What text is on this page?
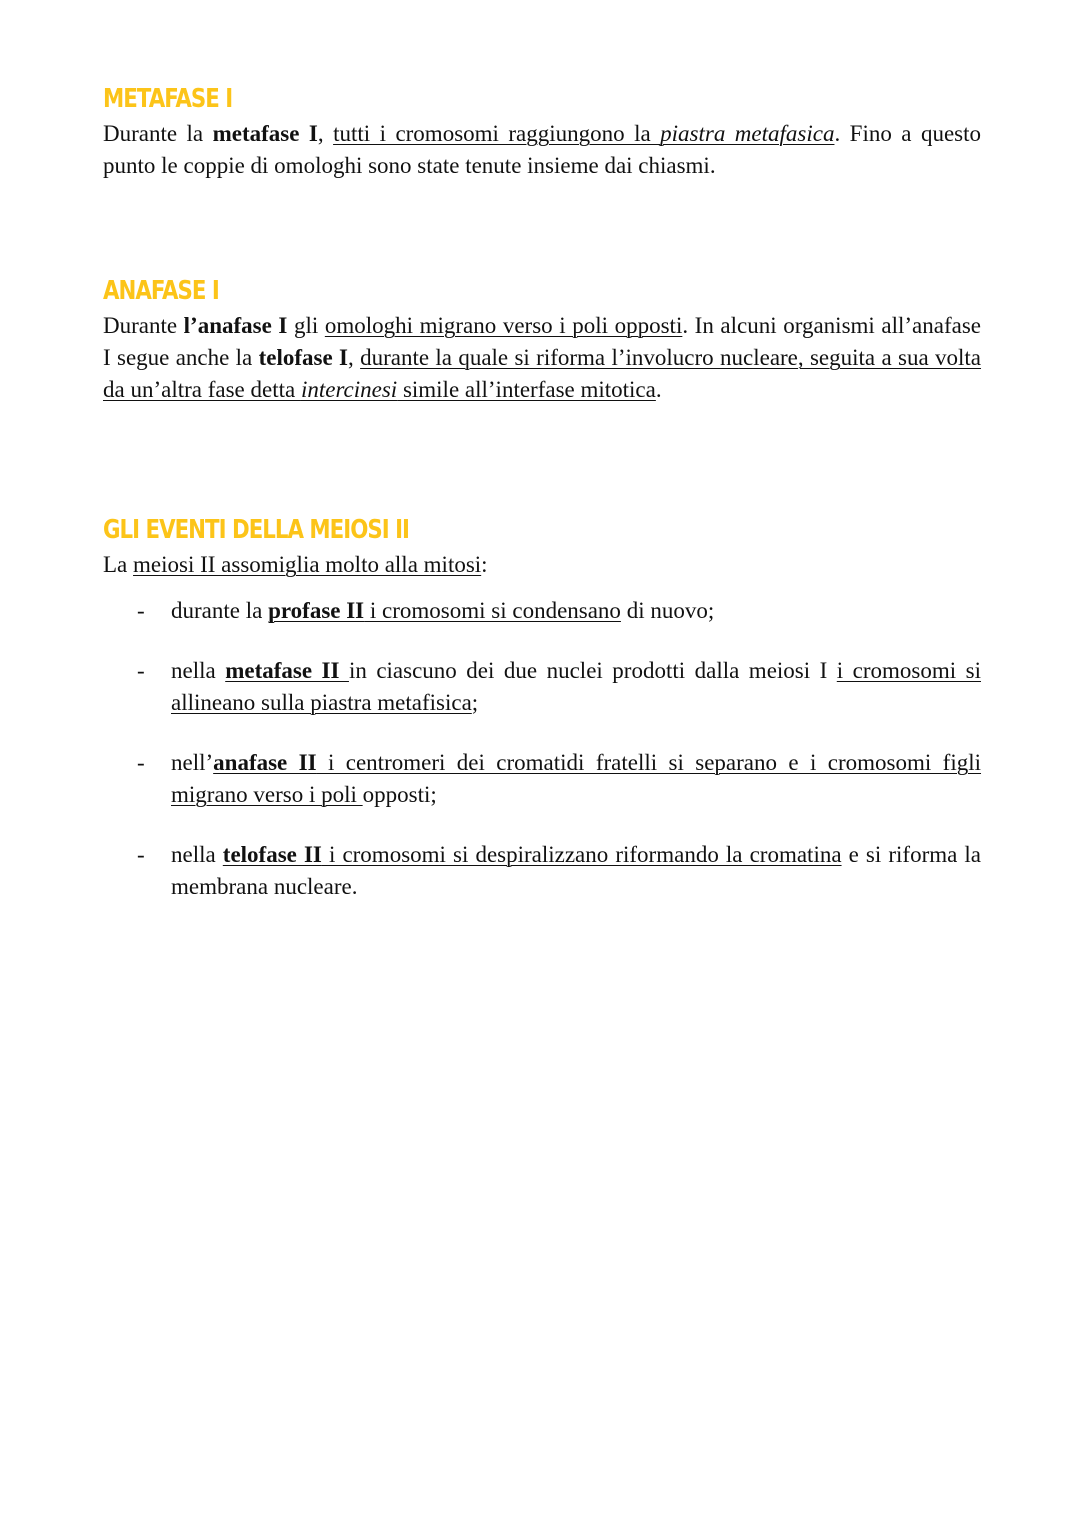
METAFASE I

Durante la metafase I, tutti i cromosomi raggiungono la piastra metafasica. Fino a questo punto le coppie di omologhi sono state tenute insieme dai chiasmi.

ANAFASE I

Durante l’anafase I gli omologhi migrano verso i poli opposti. In alcuni organismi all’anafase I segue anche la telofase I, durante la quale si riforma l’involucro nucleare, seguita a sua volta da un’altra fase detta intercinesi simile all’interfase mitotica.

GLI EVENTI DELLA MEIOSI II

La meiosi II assomiglia molto alla mitosi:

- durante la profase II i cromosomi si condensano di nuovo;
- nella metafase II in ciascuno dei due nuclei prodotti dalla meiosi I i cromosomi si allineano sulla piastra metafisica;
- nell’anafase II i centromeri dei cromatidi fratelli si separano e i cromosomi figli migrano verso i poli opposti;
- nella telofase II i cromosomi si despiralizzano riformando la cromatina e si riforma la membrana nucleare.
